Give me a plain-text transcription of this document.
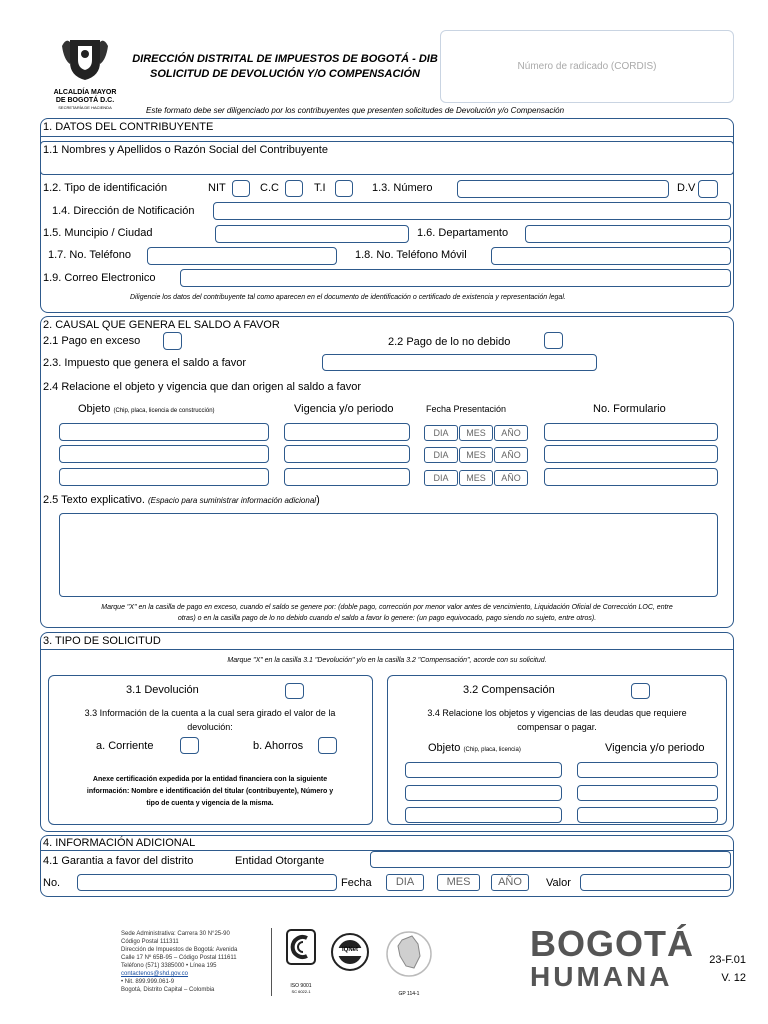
ALCALDÍA MAYOR
DE BOGOTÁ D.C.
SECRETARÍA DE HACIENDA
DIRECCIÓN DISTRITAL DE IMPUESTOS DE BOGOTÁ - DIB
SOLICITUD DE DEVOLUCIÓN Y/O COMPENSACIÓN
Número de radicado (CORDIS)
Este formato debe ser diligenciado por los contribuyentes que presenten solicitudes de Devolución y/o Compensación
1. DATOS DEL CONTRIBUYENTE
1.1 Nombres y Apellidos o Razón Social del Contribuyente
1.2. Tipo de identificación	NIT	C.C	T.I	1.3. Número	D.V
1.4. Dirección de Notificación
1.5. Muncipio / Ciudad	1.6. Departamento
1.7. No. Teléfono	1.8. No. Teléfono Móvil
1.9. Correo Electronico
Diligencie los datos del contribuyente tal como aparecen en el documento de identificación o certificado de existencia y representación legal.
2. CAUSAL QUE GENERA EL SALDO A FAVOR
2.1 Pago en exceso	2.2 Pago de lo no debido
2.3. Impuesto que genera el saldo a favor
2.4 Relacione el objeto y vigencia que dan origen al saldo a favor
Objeto (Chip, placa, licencia de construcción)	Vigencia y/o periodo	Fecha Presentación	No. Formulario
DIA	MES	AÑO
DIA	MES	AÑO
DIA	MES	AÑO
2.5 Texto explicativo. (Espacio para suministrar información adicional)
Marque "X" en la casilla de pago en exceso, cuando el saldo se genere por: (doble pago, corrección por menor valor antes de vencimiento, Liquidación Oficial de Corrección LOC, entre
otras) o en la casilla pago de lo no debido cuando el saldo a favor lo genere: (un pago equivocado, pago siendo no sujeto, entre otros).
3. TIPO DE SOLICITUD
Marque "X" en la casilla 3.1 "Devolución" y/o en la casilla 3.2 "Compensación", acorde con su solicitud.
3.1 Devolución
3.3 Información de la cuenta a la cual sera girado el valor de la
devolución:
a. Corriente	b. Ahorros
Anexe certificación expedida por la entidad financiera con la siguiente
información: Nombre e identificación del titular (contribuyente), Número y
tipo de cuenta y vigencia de la misma.
3.2 Compensación
3.4 Relacione los objetos y vigencias de las deudas que requiere
compensar o pagar.
Objeto (Chip, placa, licencia)	Vigencia y/o periodo
4. INFORMACIÓN ADICIONAL
4.1 Garantia a favor del distrito	Entidad Otorgante
No.	Fecha	DIA	MES	AÑO	Valor
Sede Administrativa: Carrera 30 N°25-90
Código Postal 111311
Dirección de Impuestos de Bogotá: Avenida
Calle 17 Nº 65B-95 – Código Postal 111611
Teléfono (571) 3385000 • Línea 195
contactenos@shd.gov.co
• Nit. 899.999.061-9
Bogotá, Distrito Capital – Colombia
ISO 9001
SC 6022-1
IQNet
GP 114-1
BOGOTÁ
HUMANA
23-F.01
V. 12
